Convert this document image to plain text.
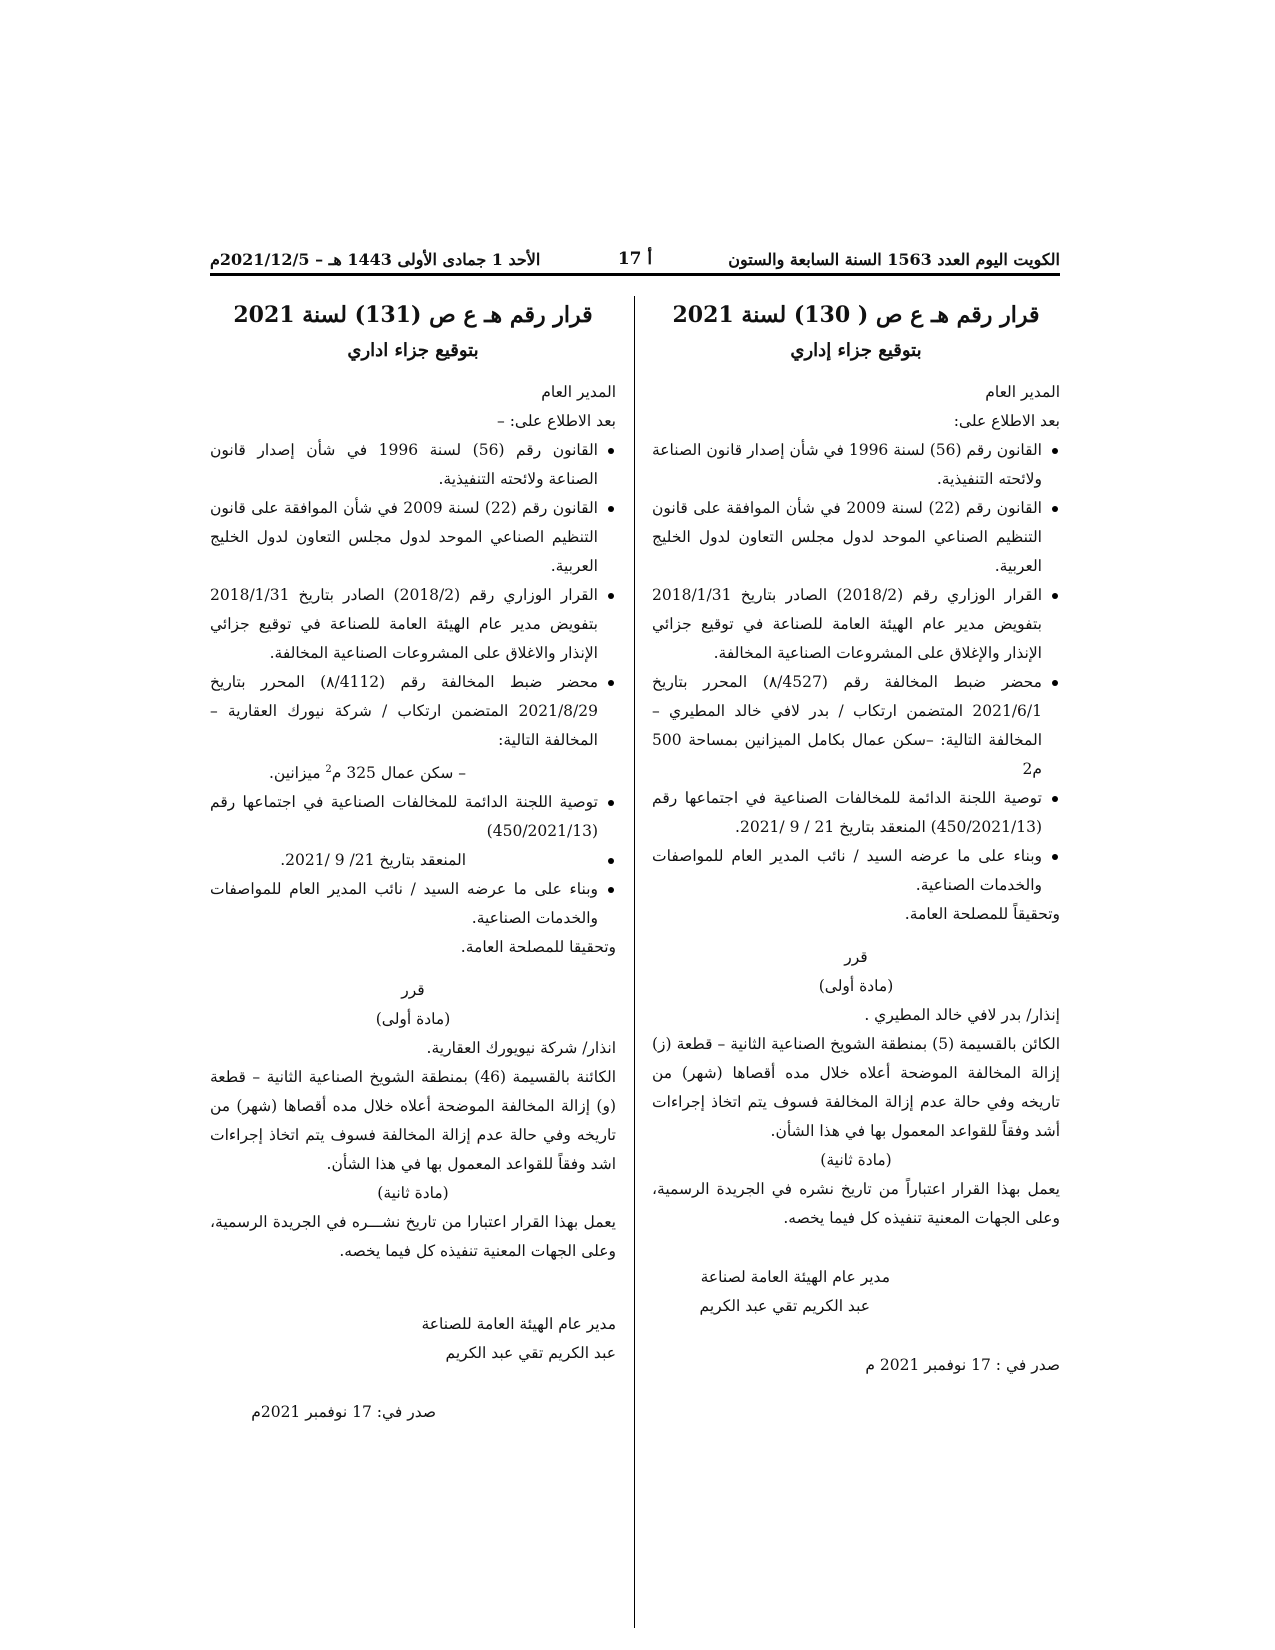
الكويت اليوم العدد 1563 السنة السابعة والستون
أ 17
الأحد 1 جمادى الأولى 1443 هـ – 2021/12/5م

قرار رقم هـ ع ص ( 130) لسنة 2021

بتوقيع جزاء إداري

المدير العام

بعد الاطلاع على:

القانون رقم (56) لسنة 1996 في شأن إصدار قانون الصناعة ولائحته التنفيذية.
القانون رقم (22) لسنة 2009 في شأن الموافقة على قانون التنظيم الصناعي الموحد لدول مجلس التعاون لدول الخليج العربية.
القرار الوزاري رقم (2018/2) الصادر بتاريخ 2018/1/31 بتفويض مدير عام الهيئة العامة للصناعة في توقيع جزائي الإنذار والإغلاق على المشروعات الصناعية المخالفة.
محضر ضبط المخالفة رقم (٨/4527) المحرر بتاريخ 2021/6/1 المتضمن ارتكاب / بدر لافي خالد المطيري – المخالفة التالية: –سكن عمال بكامل الميزانين بمساحة 500 م2
توصية اللجنة الدائمة للمخالفات الصناعية في اجتماعها رقم (450/2021/13) المنعقد بتاريخ 21 / 9 /2021.
وبناء على ما عرضه السيد / نائب المدير العام للمواصفات والخدمات الصناعية.

وتحقيقاً للمصلحة العامة.

قرر

(مادة أولى)

إنذار/ بدر لافي خالد المطيري .

الكائن بالقسيمة (5) بمنطقة الشويخ الصناعية الثانية – قطعة (ز) إزالة المخالفة الموضحة أعلاه خلال مده أقصاها (شهر) من تاريخه وفي حالة عدم إزالة المخالفة فسوف يتم اتخاذ إجراءات أشد وفقاً للقواعد المعمول بها في هذا الشأن.

(مادة ثانية)

يعمل بهذا القرار اعتباراً من تاريخ نشره في الجريدة الرسمية، وعلى الجهات المعنية تنفيذه كل فيما يخصه.

مدير عام الهيئة العامة لصناعة

عبد الكريم تقي عبد الكريم

صدر في : 17 نوفمبر 2021 م

قرار رقم هـ ع ص (131) لسنة 2021

بتوقيع جزاء اداري

المدير العام

بعد الاطلاع على: –

القانون رقم (56) لسنة 1996 في شأن إصدار قانون الصناعة ولائحته التنفيذية.
القانون رقم (22) لسنة 2009 في شأن الموافقة على قانون التنظيم الصناعي الموحد لدول مجلس التعاون لدول الخليج العربية.
القرار الوزاري رقم (2018/2) الصادر بتاريخ 2018/1/31 بتفويض مدير عام الهيئة العامة للصناعة في توقيع جزائي الإنذار والاغلاق على المشروعات الصناعية المخالفة.
محضر ضبط المخالفة رقم (٨/4112) المحرر بتاريخ 2021/8/29 المتضمن ارتكاب / شركة نيورك العقارية – المخالفة التالية:

– سكن عمال 325 م$^2$ ميزانين.

توصية اللجنة الدائمة للمخالفات الصناعية في اجتماعها رقم (450/2021/13)
المنعقد بتاريخ 21/ 9 /2021.
وبناء على ما عرضه السيد / نائب المدير العام للمواصفات والخدمات الصناعية.

وتحقيقا للمصلحة العامة.

قرر

(مادة أولى)

انذار/ شركة نيويورك العقارية.

الكائنة بالقسيمة (46) بمنطقة الشويخ الصناعية الثانية – قطعة (و) إزالة المخالفة الموضحة أعلاه خلال مده أقصاها (شهر) من تاريخه وفي حالة عدم إزالة المخالفة فسوف يتم اتخاذ إجراءات اشد وفقاً للقواعد المعمول بها في هذا الشأن.

(مادة ثانية)

يعمل بهذا القرار اعتبارا من تاريخ نشـــره في الجريدة الرسمية، وعلى الجهات المعنية تنفيذه كل فيما يخصه.

مدير عام الهيئة العامة للصناعة

عبد الكريم تقي عبد الكريم

صدر في: 17 نوفمبر 2021م
